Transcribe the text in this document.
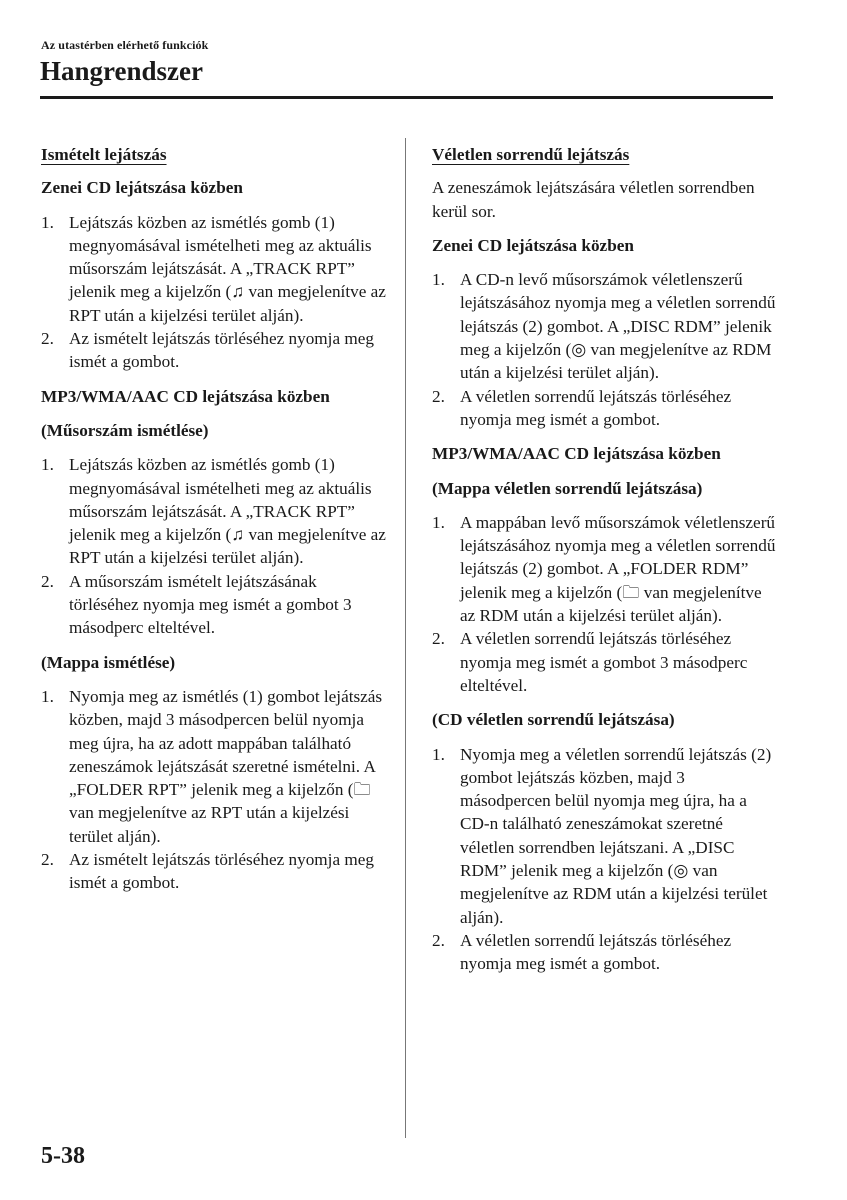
Az utastérben elérhető funkciók
Hangrendszer
Ismételt lejátszás
Zenei CD lejátszása közben
1. Lejátszás közben az ismétlés gomb (1) megnyomásával ismételheti meg az aktuális műsorszám lejátszását. A „TRACK RPT” jelenik meg a kijelzőn (♫ van megjelenítve az RPT után a kijelzési terület alján).
2. Az ismételt lejátszás törléséhez nyomja meg ismét a gombot.
MP3/WMA/AAC CD lejátszása közben
(Műsorszám ismétlése)
1. Lejátszás közben az ismétlés gomb (1) megnyomásával ismételheti meg az aktuális műsorszám lejátszását. A „TRACK RPT” jelenik meg a kijelzőn (♫ van megjelenítve az RPT után a kijelzési terület alján).
2. A műsorszám ismételt lejátszásának törléséhez nyomja meg ismét a gombot 3 másodperc elteltével.
(Mappa ismétlése)
1. Nyomja meg az ismétlés (1) gombot lejátszás közben, majd 3 másodpercen belül nyomja meg újra, ha az adott mappában található zeneszámok lejátszását szeretné ismételni. A „FOLDER RPT” jelenik meg a kijelzőn (🗀 van megjelenítve az RPT után a kijelzési terület alján).
2. Az ismételt lejátszás törléséhez nyomja meg ismét a gombot.
Véletlen sorrendű lejátszás
A zeneszámok lejátszására véletlen sorrendben kerül sor.
Zenei CD lejátszása közben
1. A CD-n levő műsorszámok véletlenszerű lejátszásához nyomja meg a véletlen sorrendű lejátszás (2) gombot. A „DISC RDM” jelenik meg a kijelzőn (◎ van megjelenítve az RDM után a kijelzési terület alján).
2. A véletlen sorrendű lejátszás törléséhez nyomja meg ismét a gombot.
MP3/WMA/AAC CD lejátszása közben
(Mappa véletlen sorrendű lejátszása)
1. A mappában levő műsorszámok véletlenszerű lejátszásához nyomja meg a véletlen sorrendű lejátszás (2) gombot. A „FOLDER RDM” jelenik meg a kijelzőn (🗀 van megjelenítve az RDM után a kijelzési terület alján).
2. A véletlen sorrendű lejátszás törléséhez nyomja meg ismét a gombot 3 másodperc elteltével.
(CD véletlen sorrendű lejátszása)
1. Nyomja meg a véletlen sorrendű lejátszás (2) gombot lejátszás közben, majd 3 másodpercen belül nyomja meg újra, ha a CD-n található zeneszámokat szeretné véletlen sorrendben lejátszani. A „DISC RDM” jelenik meg a kijelzőn (◎ van megjelenítve az RDM után a kijelzési terület alján).
2. A véletlen sorrendű lejátszás törléséhez nyomja meg ismét a gombot.
5-38
